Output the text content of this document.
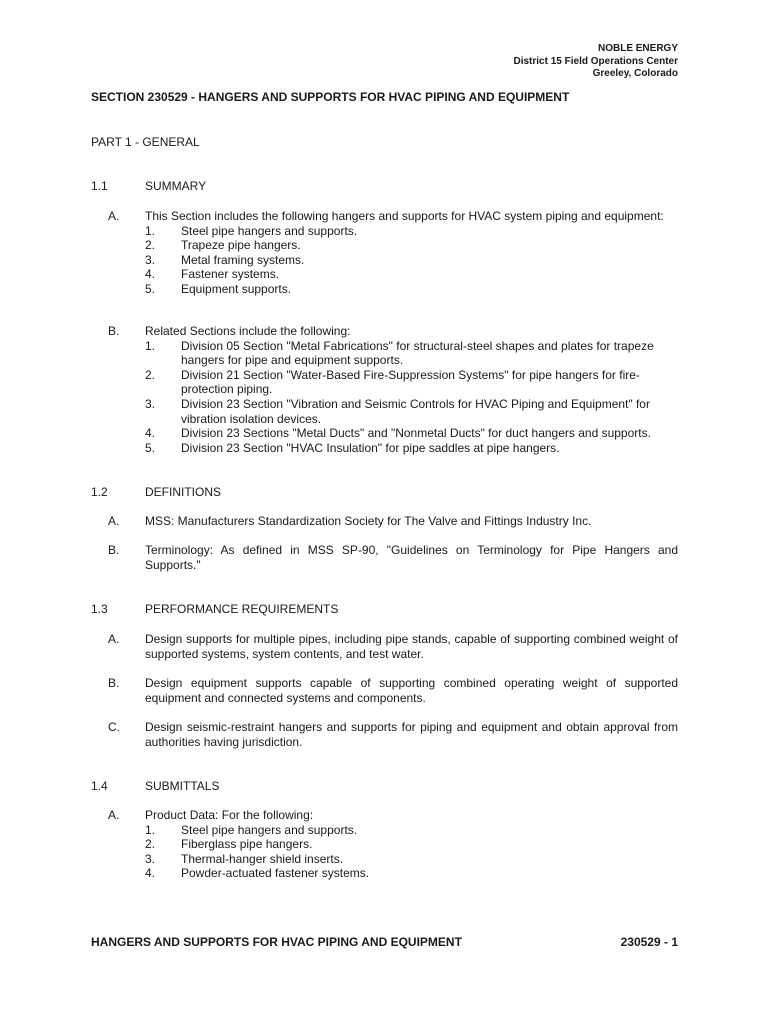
NOBLE ENERGY
District 15 Field Operations Center
Greeley, Colorado
SECTION 230529 - HANGERS AND SUPPORTS FOR HVAC PIPING AND EQUIPMENT
PART 1 - GENERAL
1.1	SUMMARY
A. This Section includes the following hangers and supports for HVAC system piping and equipment:
1. Steel pipe hangers and supports.
2. Trapeze pipe hangers.
3. Metal framing systems.
4. Fastener systems.
5. Equipment supports.
B. Related Sections include the following:
1. Division 05 Section "Metal Fabrications" for structural-steel shapes and plates for trapeze hangers for pipe and equipment supports.
2. Division 21 Section "Water-Based Fire-Suppression Systems" for pipe hangers for fire-protection piping.
3. Division 23 Section "Vibration and Seismic Controls for HVAC Piping and Equipment" for vibration isolation devices.
4. Division 23 Sections "Metal Ducts" and "Nonmetal Ducts" for duct hangers and supports.
5. Division 23 Section "HVAC Insulation" for pipe saddles at pipe hangers.
1.2	DEFINITIONS
A. MSS: Manufacturers Standardization Society for The Valve and Fittings Industry Inc.
B. Terminology: As defined in MSS SP-90, "Guidelines on Terminology for Pipe Hangers and Supports."
1.3	PERFORMANCE REQUIREMENTS
A. Design supports for multiple pipes, including pipe stands, capable of supporting combined weight of supported systems, system contents, and test water.
B. Design equipment supports capable of supporting combined operating weight of supported equipment and connected systems and components.
C. Design seismic-restraint hangers and supports for piping and equipment and obtain approval from authorities having jurisdiction.
1.4	SUBMITTALS
A. Product Data: For the following:
1. Steel pipe hangers and supports.
2. Fiberglass pipe hangers.
3. Thermal-hanger shield inserts.
4. Powder-actuated fastener systems.
HANGERS AND SUPPORTS FOR HVAC PIPING AND EQUIPMENT	230529 - 1
